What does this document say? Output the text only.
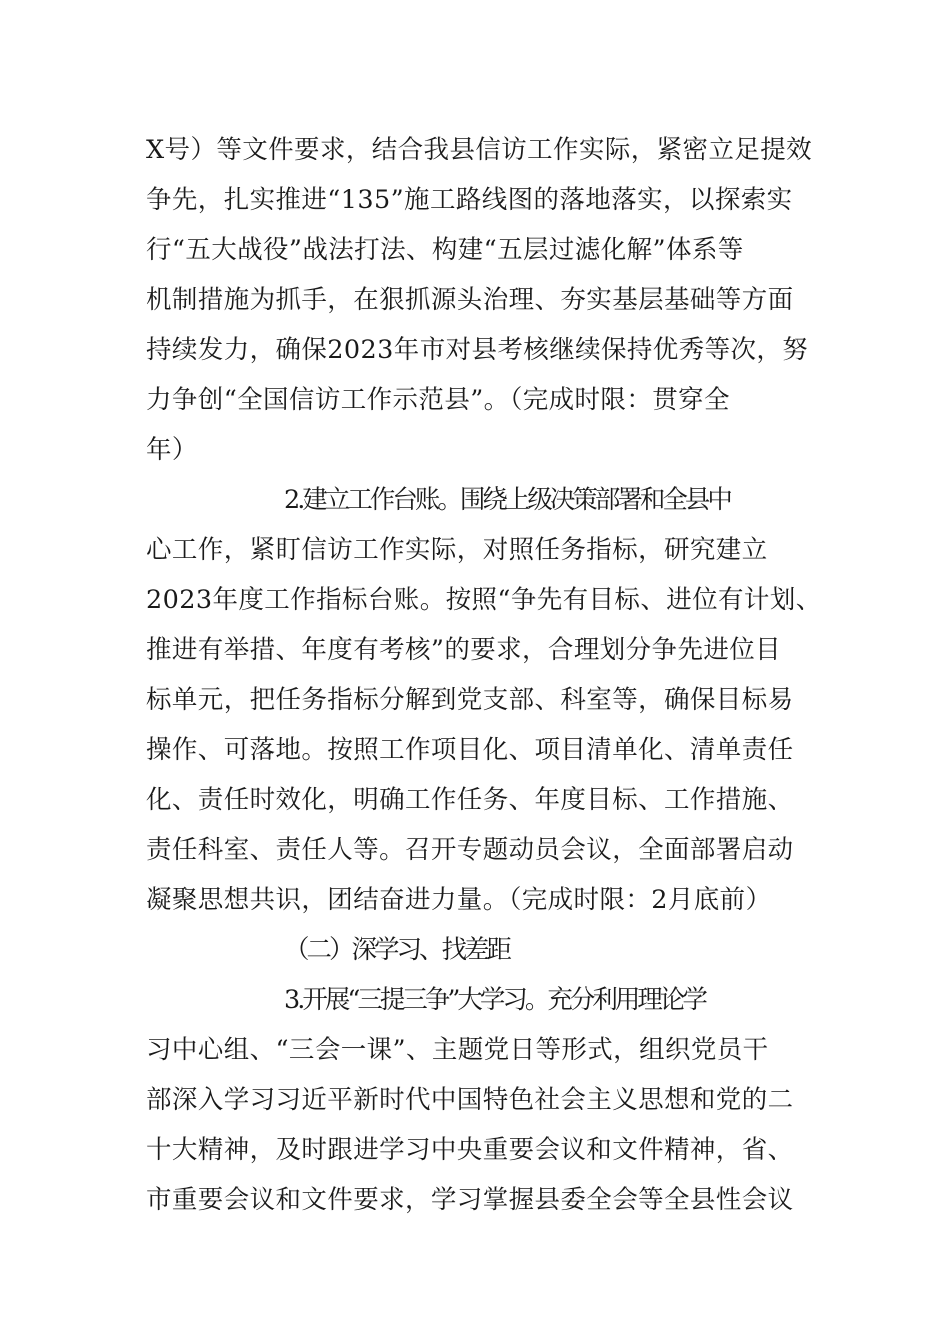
X号）等文件要求，结合我县信访工作实际，紧密立足提效
争先，扎实推进“135”施工路线图的落地落实，以探索实
行“五大战役”战法打法、构建“五层过滤化解”体系等
机制措施为抓手，在狠抓源头治理、夯实基层基础等方面
持续发力，确保2023年市对县考核继续保持优秀等次，努
力争创“全国信访工作示范县”。（完成时限：贯穿全
年）
2.建立工作台账。围绕上级决策部署和全县中
心工作，紧盯信访工作实际，对照任务指标，研究建立
2023年度工作指标台账。按照“争先有目标、进位有计划、
推进有举措、年度有考核”的要求，合理划分争先进位目
标单元，把任务指标分解到党支部、科室等，确保目标易
操作、可落地。按照工作项目化、项目清单化、清单责任
化、责任时效化，明确工作任务、年度目标、工作措施、
责任科室、责任人等。召开专题动员会议，全面部署启动
凝聚思想共识，团结奋进力量。（完成时限：2月底前）
（二）深学习、找差距
3.开展“三提三争”大学习。充分利用理论学
习中心组、“三会一课”、主题党日等形式，组织党员干
部深入学习习近平新时代中国特色社会主义思想和党的二
十大精神，及时跟进学习中央重要会议和文件精神，省、
市重要会议和文件要求，学习掌握县委全会等全县性会议
